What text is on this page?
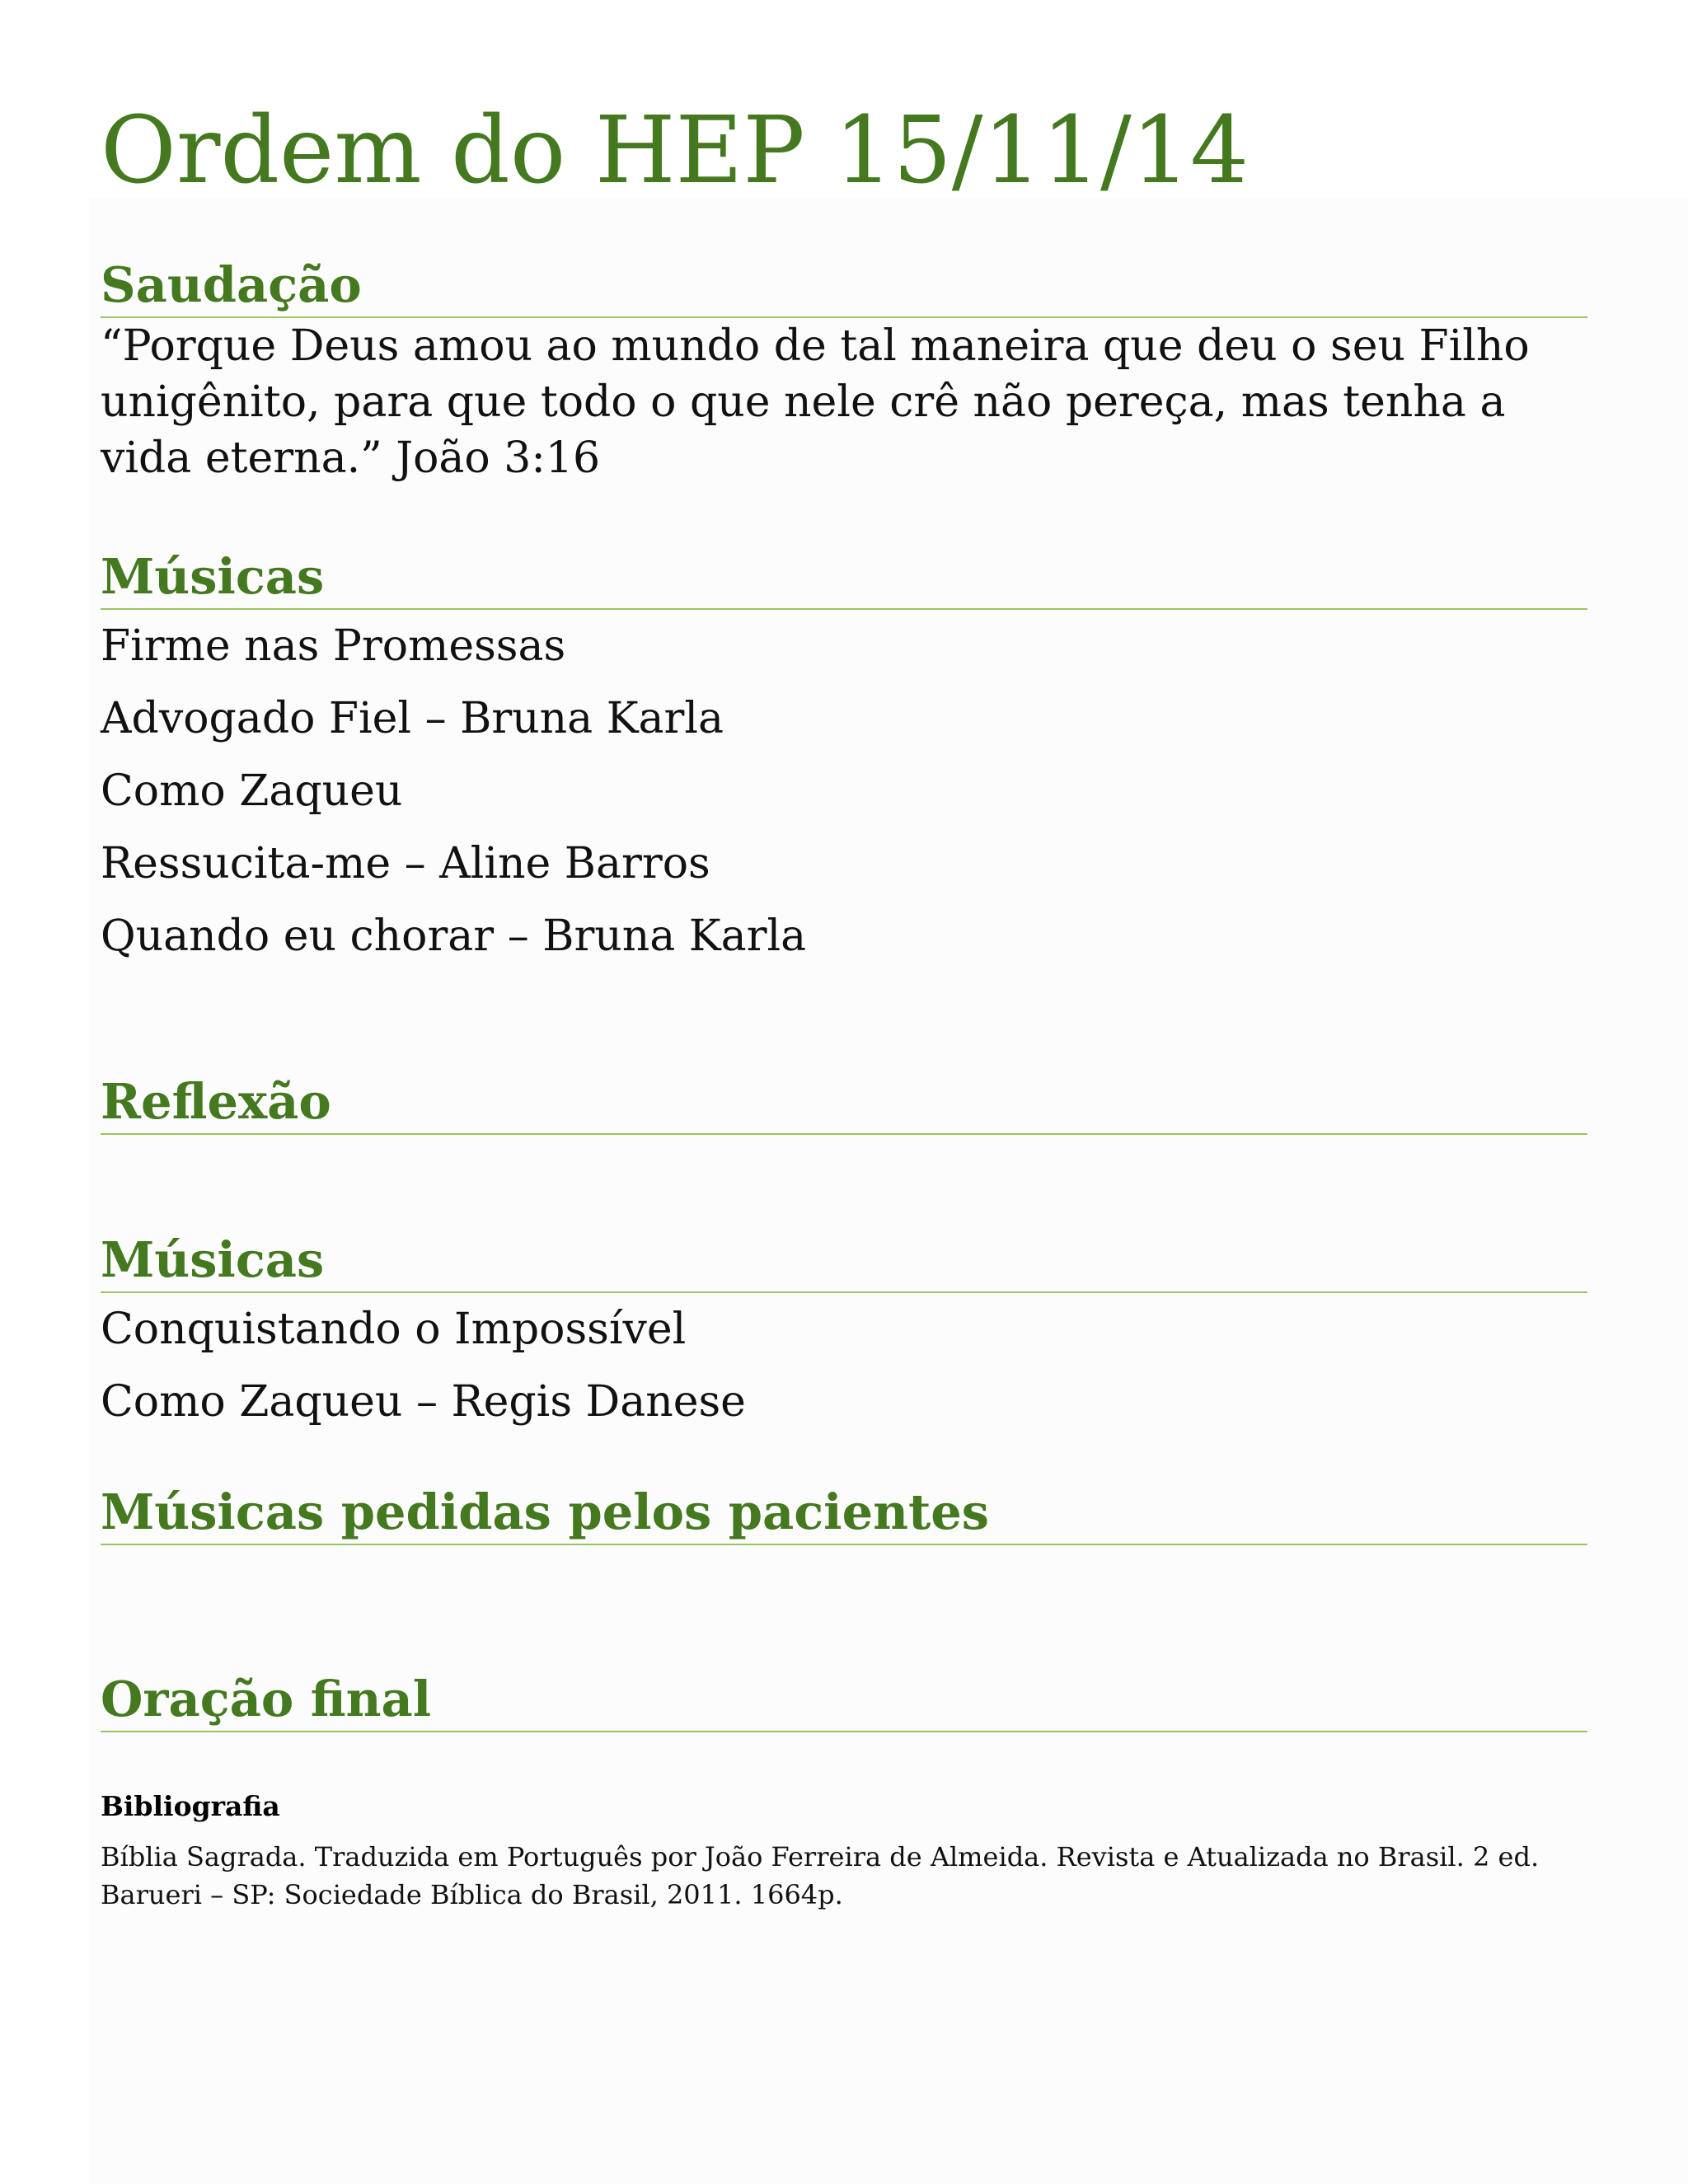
Ordem do HEP 15/11/14
Saudação

“Porque Deus amou ao mundo de tal maneira que deu o seu Filho unigênito, para que todo o que nele crê não pereça, mas tenha a vida eterna.” João 3:16

Músicas
Firme nas Promessas
Advogado Fiel – Bruna Karla
Como Zaqueu
Ressucita-me – Aline Barros
Quando eu chorar – Bruna Karla
Reflexão
Músicas
Conquistando o Impossível
Como Zaqueu – Regis Danese
Músicas pedidas pelos pacientes
Oração final
Bibliografia

Bíblia Sagrada. Traduzida em Português por João Ferreira de Almeida. Revista e Atualizada no Brasil. 2 ed. Barueri – SP: Sociedade Bíblica do Brasil, 2011. 1664p.
